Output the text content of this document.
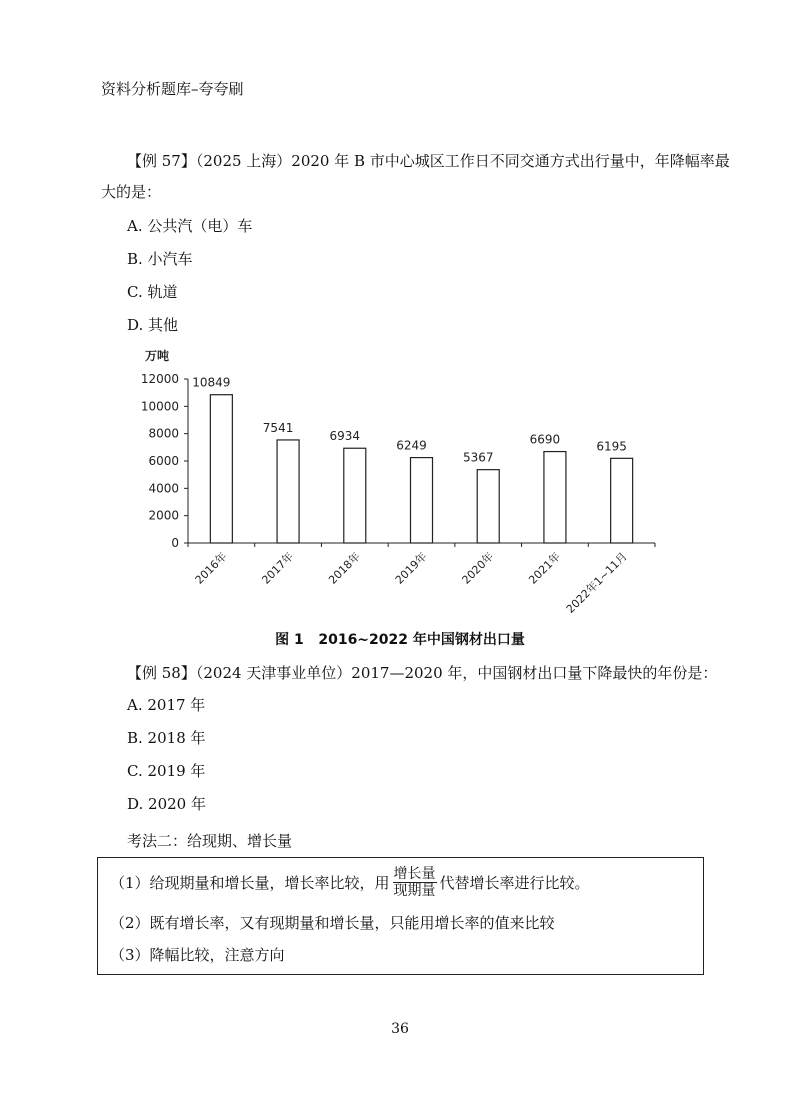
资料分析题库–夸夸刷
【例 57】（2025 上海）2020 年 B 市中心城区工作日不同交通方式出行量中，年降幅率最
大的是：
A. 公共汽（电）车
B. 小汽车
C. 轨道
D. 其他
万吨
0
2000
4000
6000
8000
10000
12000 10849
2016年
7541
2017年
6934
2018年
6249
2019年
5367
2020年
6690
2021年
6195
2022年1~11月
图 1   2016~2022 年中国钢材出口量
【例 58】（2024 天津事业单位）2017—2020 年，中国钢材出口量下降最快的年份是：
A. 2017 年
B. 2018 年
C. 2019 年
D. 2020 年
考法二：给现期、增长量
（1）给现期量和增长量，增长率比较，用 $\frac{\text{增长量}}{\text{现期量}}$ 代替增长率进行比较。
（2）既有增长率，又有现期量和增长量，只能用增长率的值来比较
（3）降幅比较，注意方向
36
